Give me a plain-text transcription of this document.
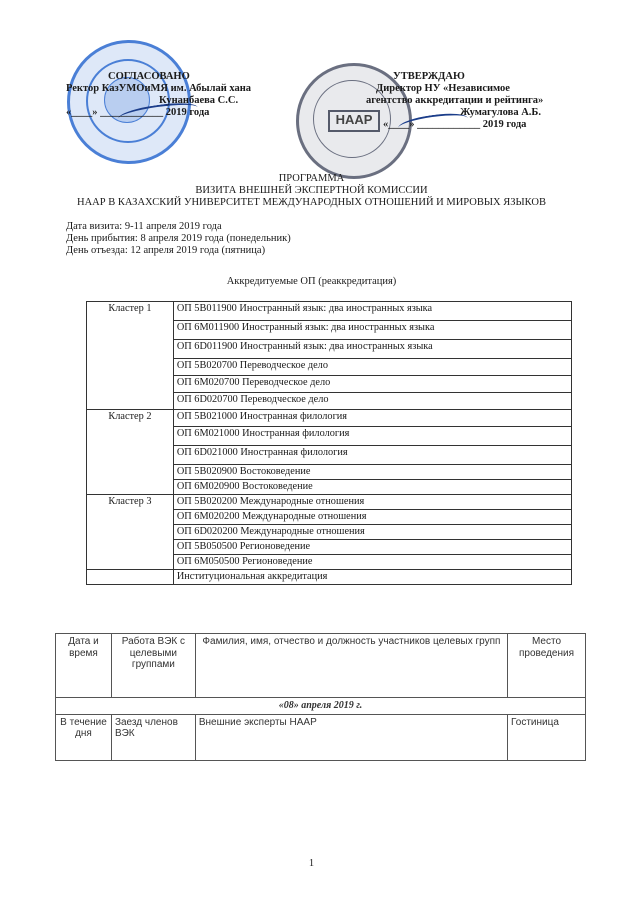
НААР
СОГЛАСОВАНО
Ректор КазУМОиМЯ им. Абылай хана
Кунанбаева С.С.
«____» ____________ 2019 года
УТВЕРЖДАЮ
Директор НУ «Независимое
агентство аккредитации и рейтинга»
Жумагулова А.Б.
«____» ____________ 2019 года
ПРОГРАММА
ВИЗИТА ВНЕШНЕЙ ЭКСПЕРТНОЙ КОМИССИИ
НААР В КАЗАХСКИЙ УНИВЕРСИТЕТ МЕЖДУНАРОДНЫХ ОТНОШЕНИЙ И МИРОВЫХ ЯЗЫКОВ
Дата визита: 9-11 апреля 2019 года
День прибытия: 8 апреля 2019 года (понедельник)
День отъезда: 12 апреля 2019 года (пятница)
Аккредитуемые ОП (реаккредитация)
Кластер 1	ОП 5В011900 Иностранный язык: два иностранных языка
	ОП 6М011900 Иностранный язык: два иностранных языка
	ОП 6D011900 Иностранный язык: два иностранных языка
	ОП 5В020700 Переводческое дело
	ОП 6М020700 Переводческое дело
	ОП 6D020700 Переводческое дело
Кластер 2	ОП 5В021000 Иностранная филология
	ОП 6М021000 Иностранная филология
	ОП 6D021000 Иностранная филология
	ОП 5В020900 Востоковедение
	ОП 6М020900 Востоковедение
Кластер 3	ОП 5В020200 Международные отношения
	ОП 6М020200 Международные отношения
	ОП 6D020200 Международные отношения
	ОП 5В050500 Регионоведение
	ОП 6М050500 Регионоведение
	Институциональная аккредитация
Дата и время	Работа ВЭК с целевыми группами	Фамилия, имя, отчество и должность участников целевых групп	Место проведения
«08» апреля 2019 г.			
В течение дня	Заезд членов ВЭК	Внешние эксперты НААР	Гостиница
1
